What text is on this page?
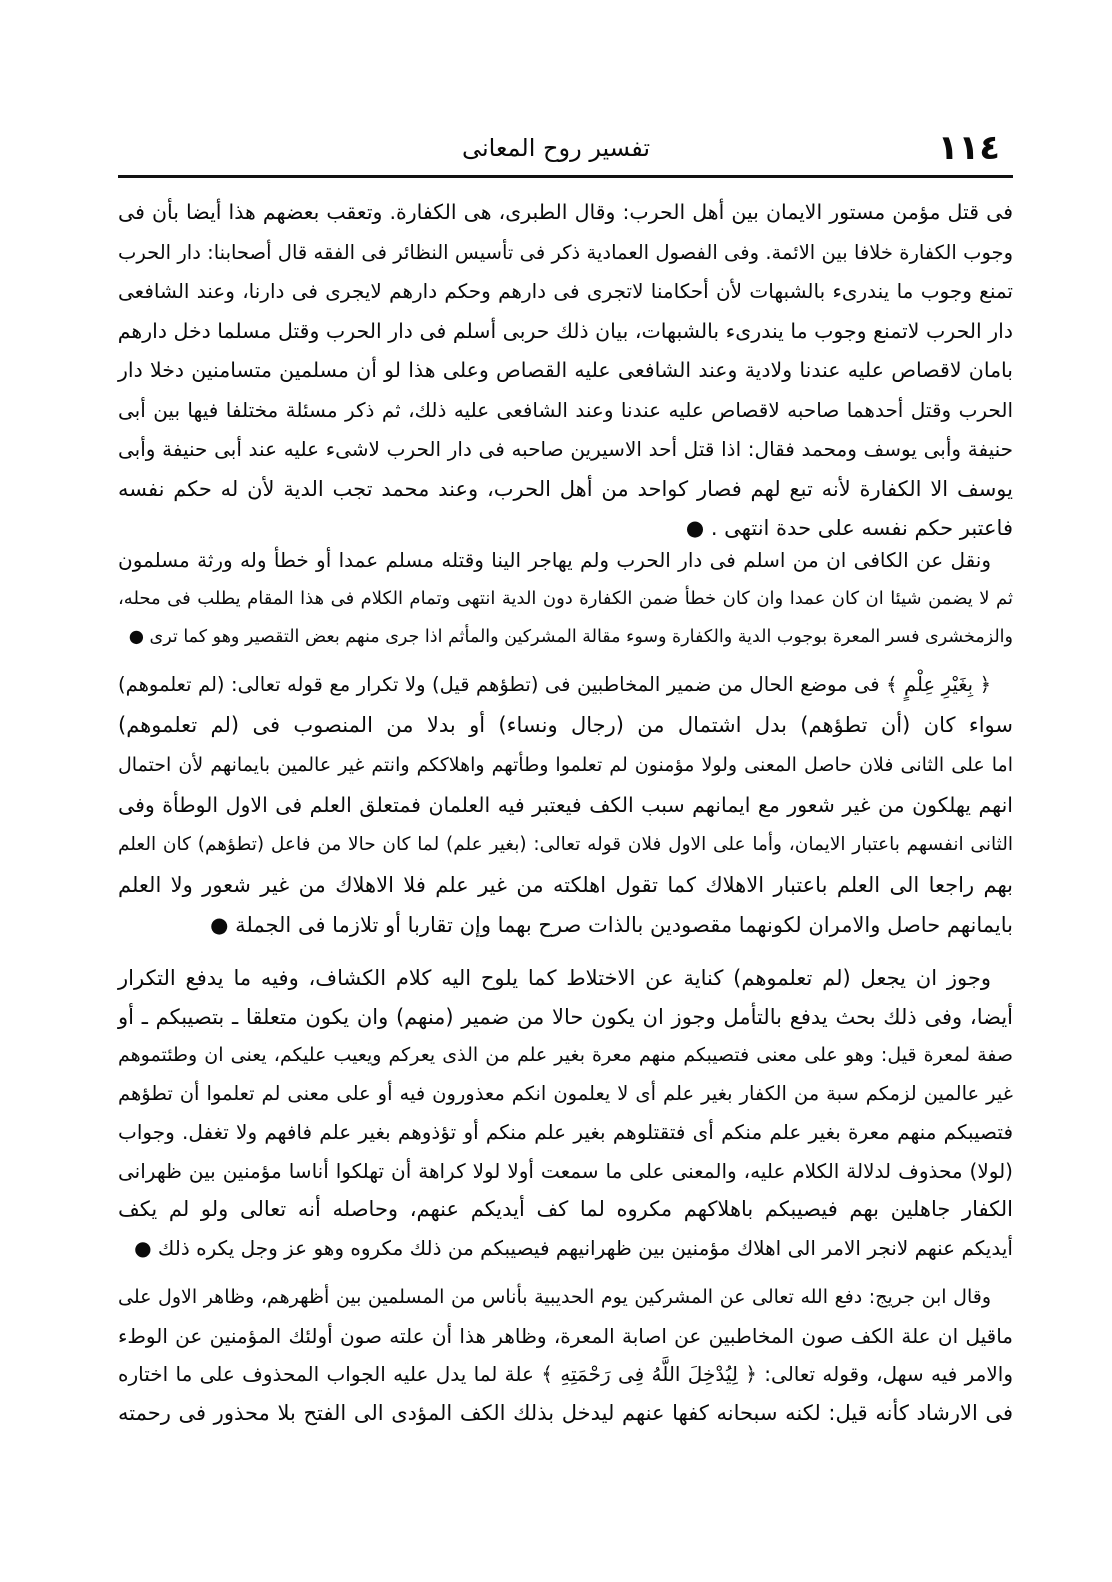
١١٤
تفسير روح المعانى
فى قتل مؤمن مستور الايمان بين أهل الحرب: وقال الطبرى، هى الكفارة. وتعقب بعضهم هذا أيضا بأن فى
وجوب الكفارة خلافا بين الائمة. وفى الفصول العمادية ذكر فى تأسيس النظائر فى الفقه قال أصحابنا: دار الحرب
تمنع وجوب ما يندرىء بالشبهات لأن أحكامنا لاتجرى فى دارهم وحكم دارهم لايجرى فى دارنا، وعند الشافعى
دار الحرب لاتمنع وجوب ما يندرىء بالشبهات، بيان ذلك حربى أسلم فى دار الحرب وقتل مسلما دخل دارهم
بامان لاقصاص عليه عندنا ولادية وعند الشافعى عليه القصاص وعلى هذا لو أن مسلمين متسامنين دخلا دار
الحرب وقتل أحدهما صاحبه لاقصاص عليه عندنا وعند الشافعى عليه ذلك، ثم ذكر مسئلة مختلفا فيها بين أبى
حنيفة وأبى يوسف ومحمد فقال: اذا قتل أحد الاسيرين صاحبه فى دار الحرب لاشىء عليه عند أبى حنيفة وأبى
يوسف الا الكفارة لأنه تبع لهم فصار كواحد من أهل الحرب، وعند محمد تجب الدية لأن له حكم نفسه
فاعتبر حكم نفسه على حدة انتهى . ●
ونقل عن الكافى ان من اسلم فى دار الحرب ولم يهاجر الينا وقتله مسلم عمدا أو خطأ وله ورثة مسلمون
ثم لا يضمن شيئا ان كان عمدا وان كان خطأ ضمن الكفارة دون الدية انتهى وتمام الكلام فى هذا المقام يطلب فى محله،
والزمخشرى فسر المعرة بوجوب الدية والكفارة وسوء مقالة المشركين والمأثم اذا جرى منهم بعض التقصير وهو كما ترى ●
﴿ بِغَيْرِ عِلْمٍ ﴾ فى موضع الحال من ضمير المخاطبين فى (تطؤهم قيل) ولا تكرار مع قوله تعالى: (لم تعلموهم)
سواء كان (أن تطؤهم) بدل اشتمال من (رجال ونساء) أو بدلا من المنصوب فى (لم تعلموهم)
اما على الثانى فلان حاصل المعنى ولولا مؤمنون لم تعلموا وطأتهم واهلاككم وانتم غير عالمين بايمانهم لأن احتمال
انهم يهلكون من غير شعور مع ايمانهم سبب الكف فيعتبر فيه العلمان فمتعلق العلم فى الاول الوطأة وفى
الثانى انفسهم باعتبار الايمان، وأما على الاول فلان قوله تعالى: (بغير علم) لما كان حالا من فاعل (تطؤهم) كان العلم
بهم راجعا الى العلم باعتبار الاهلاك كما تقول اهلكته من غير علم فلا الاهلاك من غير شعور ولا العلم
بايمانهم حاصل والامران لكونهما مقصودين بالذات صرح بهما وإن تقاربا أو تلازما فى الجملة ●
وجوز ان يجعل (لم تعلموهم) كناية عن الاختلاط كما يلوح اليه كلام الكشاف، وفيه ما يدفع التكرار
أيضا، وفى ذلك بحث يدفع بالتأمل وجوز ان يكون حالا من ضمير (منهم) وان يكون متعلقا ـ بتصيبكم ـ أو
صفة لمعرة قيل: وهو على معنى فتصيبكم منهم معرة بغير علم من الذى يعركم ويعيب عليكم، يعنى ان وطئتموهم
غير عالمين لزمكم سبة من الكفار بغير علم أى لا يعلمون انكم معذورون فيه أو على معنى لم تعلموا أن تطؤهم
فتصيبكم منهم معرة بغير علم منكم أى فتقتلوهم بغير علم منكم أو تؤذوهم بغير علم فافهم ولا تغفل. وجواب
(لولا) محذوف لدلالة الكلام عليه، والمعنى على ما سمعت أولا لولا كراهة أن تهلكوا أناسا مؤمنين بين ظهرانى
الكفار جاهلين بهم فيصيبكم باهلاكهم مكروه لما كف أيديكم عنهم، وحاصله أنه تعالى ولو لم يكف
أيديكم عنهم لانجر الامر الى اهلاك مؤمنين بين ظهرانيهم فيصيبكم من ذلك مكروه وهو عز وجل يكره ذلك ●
وقال ابن جريج: دفع الله تعالى عن المشركين يوم الحديبية بأناس من المسلمين بين أظهرهم، وظاهر الاول على
ماقيل ان علة الكف صون المخاطبين عن اصابة المعرة، وظاهر هذا أن علته صون أولئك المؤمنين عن الوطء
والامر فيه سهل، وقوله تعالى: ﴿ لِيُدْخِلَ اللَّهُ فِى رَحْمَتِهِ ﴾ علة لما يدل عليه الجواب المحذوف على ما اختاره
فى الارشاد كأنه قيل: لكنه سبحانه كفها عنهم ليدخل بذلك الكف المؤدى الى الفتح بلا محذور فى رحمته
